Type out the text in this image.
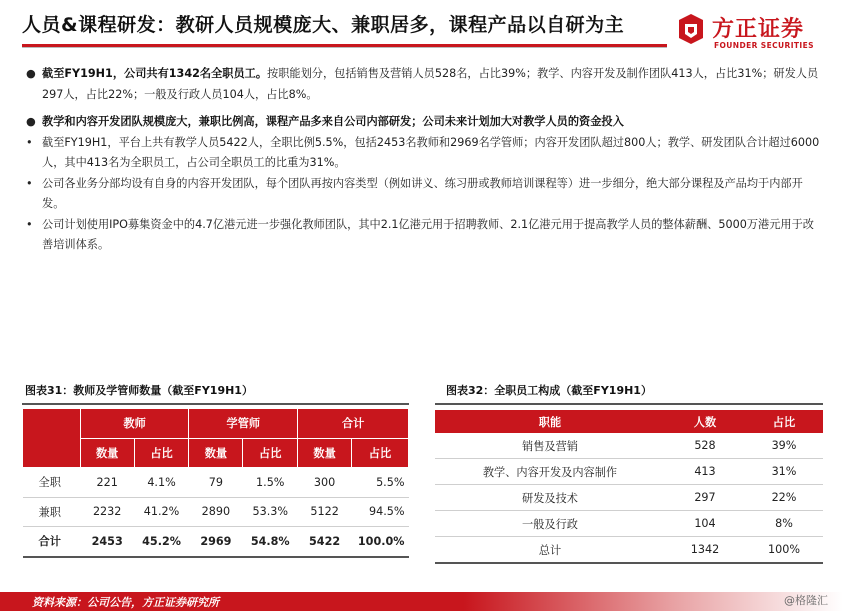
人员&课程研发：教研人员规模庞大、兼职居多，课程产品以自研为主	方正证券
FOUNDER SECURITIES
● 截至FY19H1，公司共有1342名全职员工。按职能划分，包括销售及营销人员528名，占比39%；教学、内容开发及制作团队413人，占比31%；研发人员297人，占比22%；一般及行政人员104人，占比8%。
● 教学和内容开发团队规模庞大，兼职比例高，课程产品多来自公司内部研发；公司未来计划加大对教学人员的资金投入
• 截至FY19H1，平台上共有教学人员5422人，全职比例5.5%，包括2453名教师和2969名学管师；内容开发团队超过800人；教学、研发团队合计超过6000人，其中413名为全职员工，占公司全职员工的比重为31%。
• 公司各业务分部均设有自身的内容开发团队，每个团队再按内容类型（例如讲义、练习册或教师培训课程等）进一步细分，绝大部分课程及产品均于内部开发。
• 公司计划使用IPO募集资金中的4.7亿港元进一步强化教师团队，其中2.1亿港元用于招聘教师、2.1亿港元用于提高教学人员的整体薪酬、5000万港元用于改善培训体系。
图表31：教师及学管师数量（截至FY19H1）	图表32：全职员工构成（截至FY19H1）
	教师		学管师		合计	
	数量	占比	数量	占比	数量	占比
全职	221	4.1%	79	1.5%	300	5.5%
兼职	2232	41.2%	2890	53.3%	5122	94.5%
合计	2453	45.2%	2969	54.8%	5422	100.0%
职能	人数	占比
销售及营销	528	39%
教学、内容开发及内容制作	413	31%
研发及技术	297	22%
一般及行政	104	8%
总计	1342	100%
资料来源：公司公告，方正证券研究所	@格隆汇
